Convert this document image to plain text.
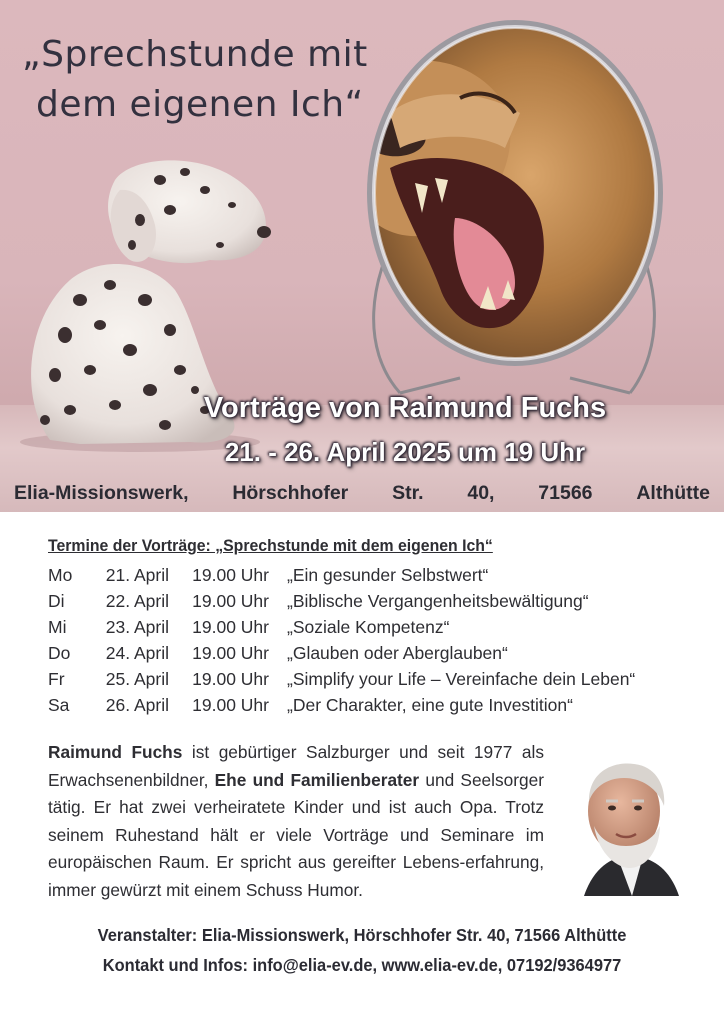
„Sprechstunde mit
dem eigenen Ich“
Vorträge von Raimund Fuchs
21. - 26. April 2025 um 19 Uhr
Elia-Missionswerk, Hörschhofer Str. 40, 71566 Althütte
Termine der Vorträge: „Sprechstunde mit dem eigenen Ich“
Mo	21. April	19.00 Uhr	„Ein gesunder Selbstwert“
Di	22. April	19.00 Uhr	„Biblische Vergangenheitsbewältigung“
Mi	23. April	19.00 Uhr	„Soziale Kompetenz“
Do	24. April	19.00 Uhr	„Glauben oder Aberglauben“
Fr	25. April	19.00 Uhr	„Simplify your Life – Vereinfache dein Leben“
Sa	26. April	19.00 Uhr	„Der Charakter, eine gute Investition“
Raimund Fuchs ist gebürtiger Salzburger und seit 1977 als Erwachsenenbildner, Ehe und Familienberater und Seelsorger tätig. Er hat zwei verheiratete Kinder und ist auch Opa. Trotz seinem Ruhestand hält er viele Vorträge und Seminare im europäischen Raum. Er spricht aus gereifter Lebens-erfahrung, immer gewürzt mit einem Schuss Humor.
Veranstalter: Elia-Missionswerk, Hörschhofer Str. 40, 71566 Althütte
Kontakt und Infos: info@elia-ev.de, www.elia-ev.de, 07192/9364977
